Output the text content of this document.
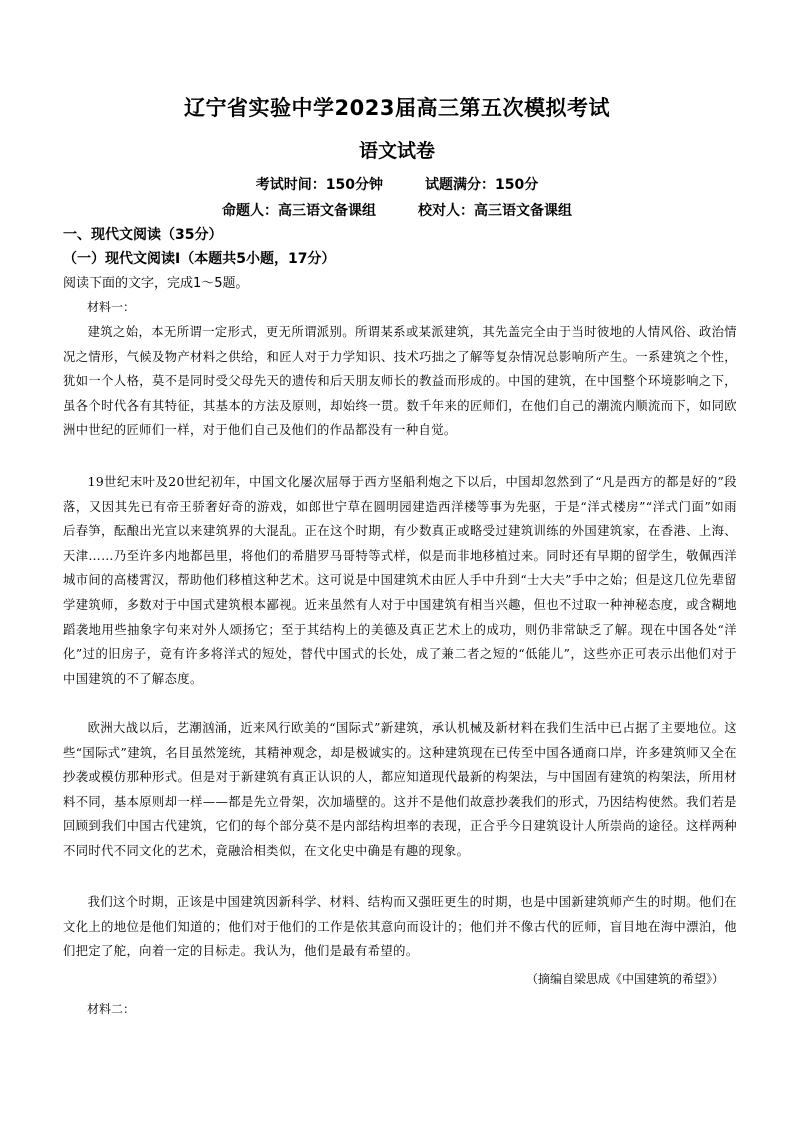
辽宁省实验中学2023届高三第五次模拟考试
语文试卷
考试时间：150分钟	试题满分：150分
命题人：高三语文备课组	校对人：高三语文备课组
一、现代文阅读（35分）
（一）现代文阅读Ⅰ（本题共5小题，17分）
阅读下面的文字，完成1～5题。
材料一：

建筑之始，本无所谓一定形式，更无所谓派别。所谓某系或某派建筑，其先盖完全由于当时彼地的人情风俗、政治情况之情形，气候及物产材料之供给，和匠人对于力学知识、技术巧拙之了解等复杂情况总影响所产生。一系建筑之个性，犹如一个人格，莫不是同时受父母先天的遗传和后天朋友师长的教益而形成的。中国的建筑，在中国整个环境影响之下，虽各个时代各有其特征，其基本的方法及原则，却始终一贯。数千年来的匠师们，在他们自己的潮流内顺流而下，如同欧洲中世纪的匠师们一样，对于他们自己及他们的作品都没有一种自觉。

19世纪末叶及20世纪初年，中国文化屡次屈辱于西方坚船利炮之下以后，中国却忽然到了“凡是西方的都是好的”段落，又因其先已有帝王骄奢好奇的游戏，如郎世宁草在圆明园建造西洋楼等事为先驱，于是“洋式楼房”“洋式门面”如雨后春笋，酝酿出光宣以来建筑界的大混乱。正在这个时期，有少数真正或略受过建筑训练的外国建筑家，在香港、上海、天津……乃至许多内地都邑里，将他们的希腊罗马哥特等式样，似是而非地移植过来。同时还有早期的留学生，敬佩西洋城市间的高楼霄汉，帮助他们移植这种艺术。这可说是中国建筑术由匠人手中升到“士大夫”手中之始；但是这几位先辈留学建筑师，多数对于中国式建筑根本鄙视。近来虽然有人对于中国建筑有相当兴趣，但也不过取一种神秘态度，或含糊地蹈袭地用些抽象字句来对外人颂扬它；至于其结构上的美德及真正艺术上的成功，则仍非常缺乏了解。现在中国各处“洋化”过的旧房子，竟有许多将洋式的短处，替代中国式的长处，成了兼二者之短的“低能儿”，这些亦正可表示出他们对于中国建筑的不了解态度。

欧洲大战以后，艺潮汹涌，近来风行欧美的“国际式”新建筑，承认机械及新材料在我们生活中已占据了主要地位。这些“国际式”建筑，名目虽然笼统，其精神观念，却是极诚实的。这种建筑现在已传至中国各通商口岸，许多建筑师又全在抄袭或模仿那种形式。但是对于新建筑有真正认识的人，都应知道现代最新的构架法，与中国固有建筑的构架法，所用材料不同，基本原则却一样——都是先立骨架，次加墙壁的。这并不是他们故意抄袭我们的形式，乃因结构使然。我们若是回顾到我们中国古代建筑，它们的每个部分莫不是内部结构坦率的表现，正合乎今日建筑设计人所崇尚的途径。这样两种不同时代不同文化的艺术，竟融洽相类似，在文化史中确是有趣的现象。

我们这个时期，正该是中国建筑因新科学、材料、结构而又强旺更生的时期，也是中国新建筑师产生的时期。他们在文化上的地位是他们知道的；他们对于他们的工作是依其意向而设计的；他们并不像古代的匠师，盲目地在海中漂泊，他们把定了舵，向着一定的目标走。我认为，他们是最有希望的。

（摘编自梁思成《中国建筑的希望》）
材料二：
